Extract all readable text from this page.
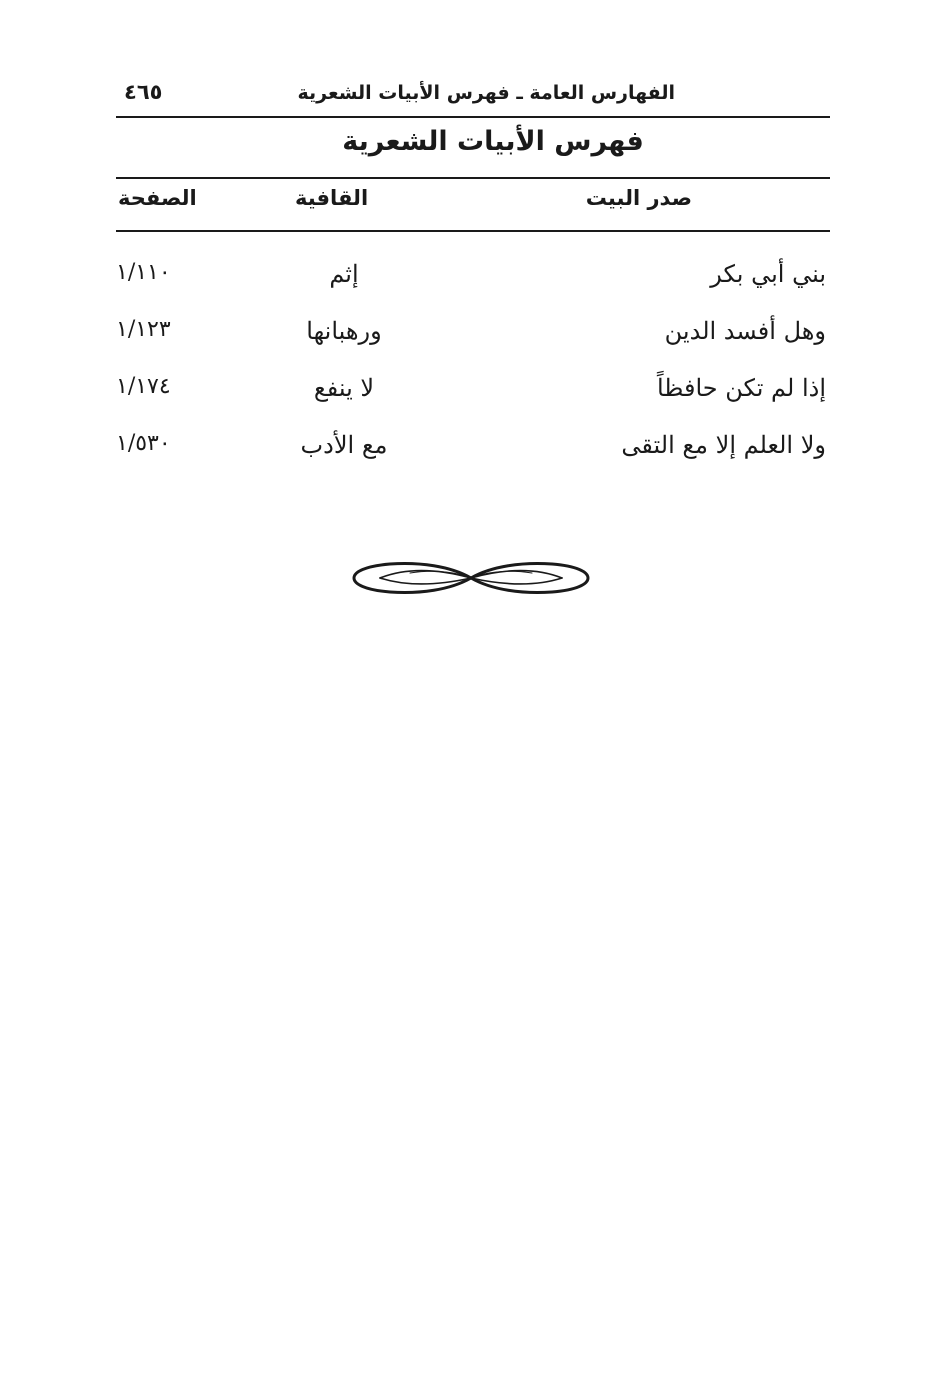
الفهارس العامة ـ فهرس الأبيات الشعرية
٤٦٥
فهرس الأبيات الشعرية
صدر البيت
القافية
الصفحة
بني أبي بكر
إثم
١/١١٠
وهل أفسد الدين
ورهبانها
١/١٢٣
إذا لم تكن حافظاً
لا ينفع
١/١٧٤
ولا العلم إلا مع التقى
مع الأدب
١/٥٣٠
